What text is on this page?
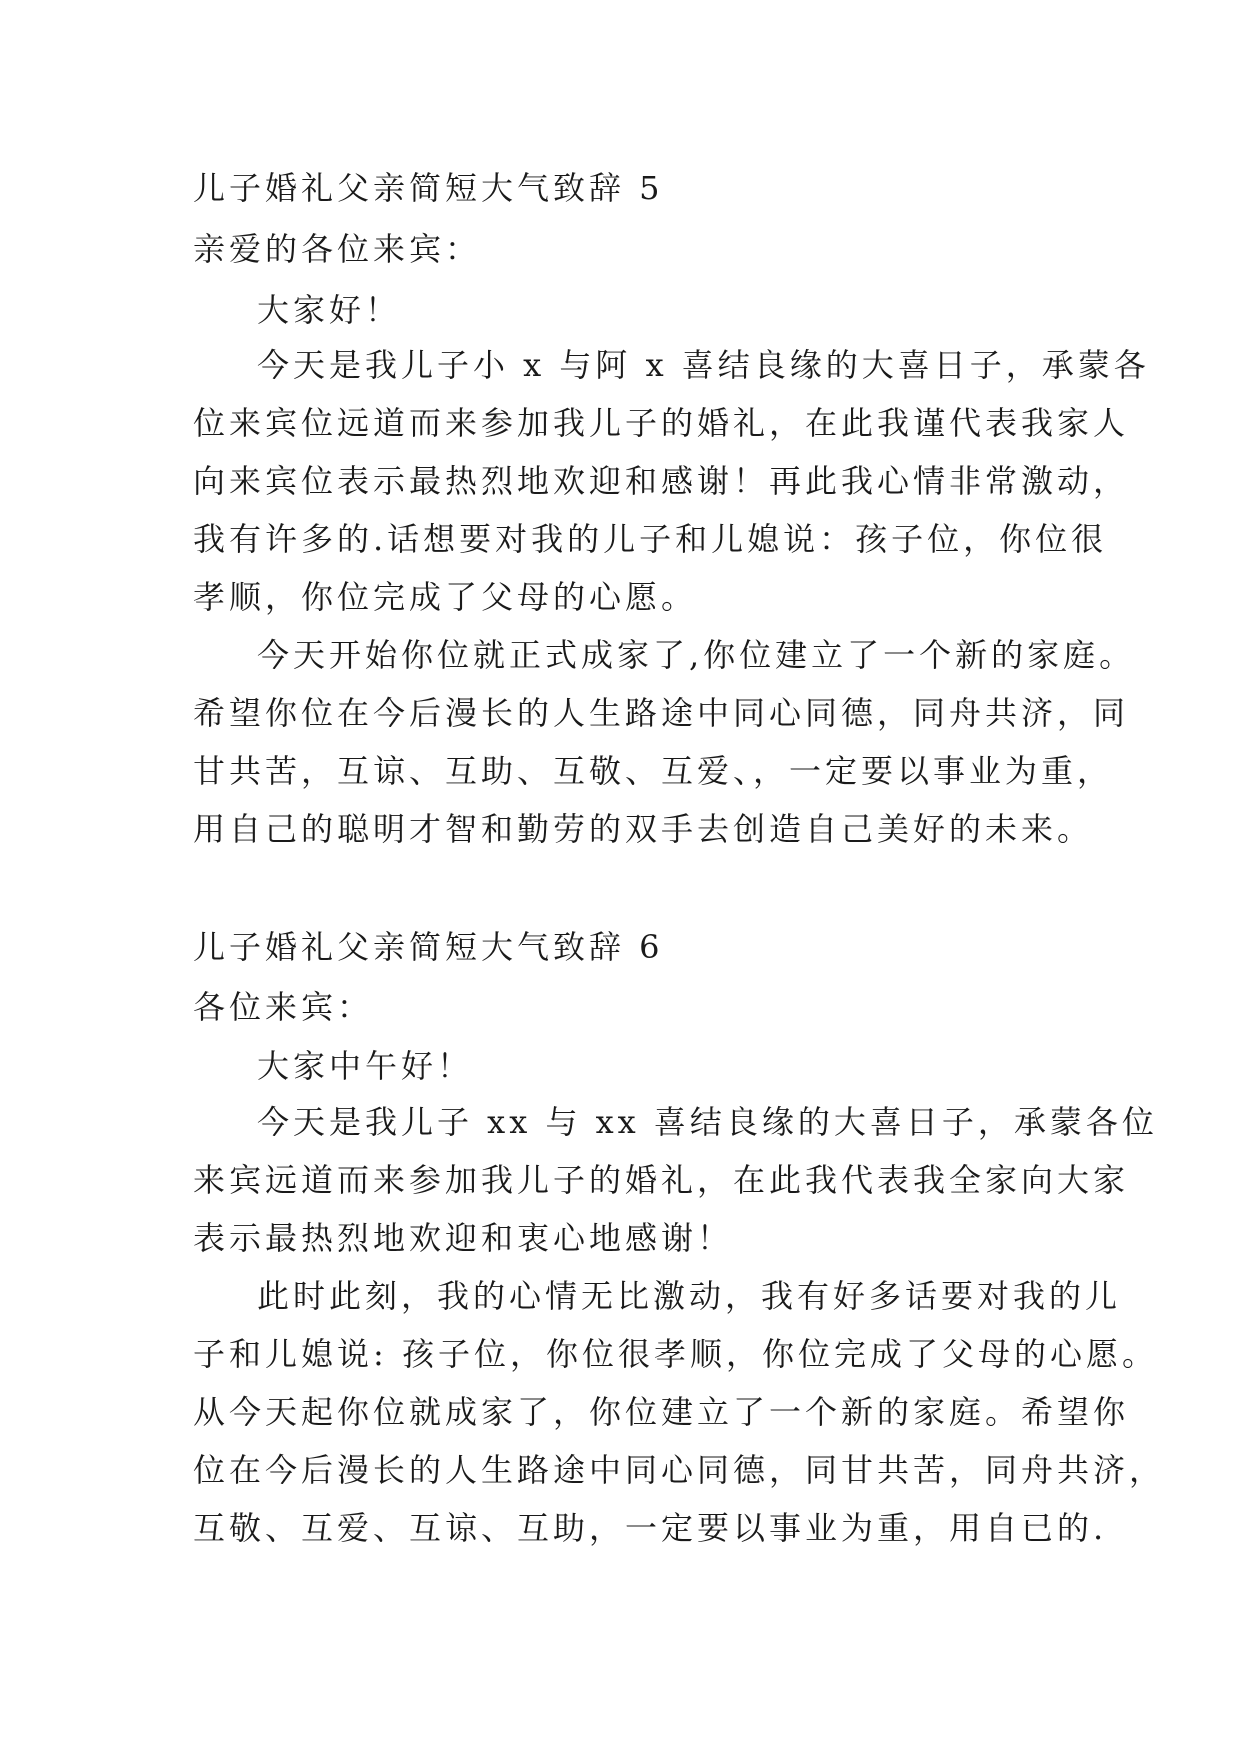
儿子婚礼父亲简短大气致辞 5
亲爱的各位来宾：
大家好！
今天是我儿子小 x 与阿 x 喜结良缘的大喜日子，承蒙各
位来宾位远道而来参加我儿子的婚礼，在此我谨代表我家人
向来宾位表示最热烈地欢迎和感谢！再此我心情非常激动，
我有许多的.话想要对我的儿子和儿媳说：孩子位，你位很
孝顺，你位完成了父母的心愿。
今天开始你位就正式成家了,你位建立了一个新的家庭。
希望你位在今后漫长的人生路途中同心同德，同舟共济，同
甘共苦，互谅、互助、互敬、互爱、，一定要以事业为重，
用自己的聪明才智和勤劳的双手去创造自己美好的未来。
儿子婚礼父亲简短大气致辞 6
各位来宾：
大家中午好！
今天是我儿子 xx 与 xx 喜结良缘的大喜日子，承蒙各位
来宾远道而来参加我儿子的婚礼，在此我代表我全家向大家
表示最热烈地欢迎和衷心地感谢！
此时此刻，我的心情无比激动，我有好多话要对我的儿
子和儿媳说: 孩子位，你位很孝顺，你位完成了父母的心愿。
从今天起你位就成家了，你位建立了一个新的家庭。希望你
位在今后漫长的人生路途中同心同德，同甘共苦，同舟共济，
互敬、互爱、互谅、互助，一定要以事业为重，用自已的.
